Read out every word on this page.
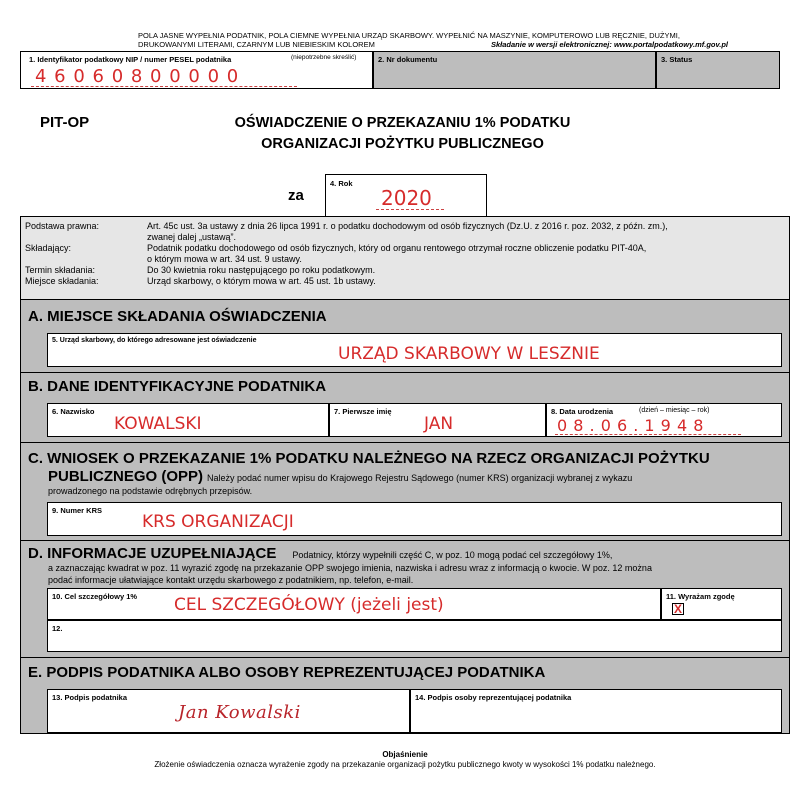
POLA JASNE WYPEŁNIA PODATNIK, POLA CIEMNE WYPEŁNIA URZĄD SKARBOWY. WYPEŁNIĆ NA MASZYNIE, KOMPUTEROWO LUB RĘCZNIE, DUŻYMI,
DRUKOWANYMI LITERAMI, CZARNYM LUB NIEBIESKIM KOLOREM	Składanie w wersji elektronicznej: www.portalpodatkowy.mf.gov.pl
1. Identyfikator podatkowy NIP / numer PESEL podatnika	(niepotrzebne skreślić)
4 6 0 6 0 8 0 0 0 0 0
2. Nr dokumentu	3. Status
PIT-OP	OŚWIADCZENIE O PRZEKAZANIU 1% PODATKU
ORGANIZACJI POŻYTKU PUBLICZNEGO
za
4. Rok
2020
Podstawa prawna:	Art. 45c ust. 3a ustawy z dnia 26 lipca 1991 r. o podatku dochodowym od osób fizycznych (Dz.U. z 2016 r. poz. 2032, z późn. zm.),
zwanej dalej „ustawą”.
Składający:	Podatnik podatku dochodowego od osób fizycznych, który od organu rentowego otrzymał roczne obliczenie podatku PIT-40A,
o którym mowa w art. 34 ust. 9 ustawy.
Termin składania:	Do 30 kwietnia roku następującego po roku podatkowym.
Miejsce składania:	Urząd skarbowy, o którym mowa w art. 45 ust. 1b ustawy.
A. MIEJSCE SKŁADANIA OŚWIADCZENIA
5. Urząd skarbowy, do którego adresowane jest oświadczenie
URZĄD SKARBOWY W LESZNIE
B. DANE IDENTYFIKACYJNE PODATNIKA
6. Nazwisko
KOWALSKI
7. Pierwsze imię
JAN
8. Data urodzenia	(dzień – miesiąc – rok)
0 8 . 0 6 . 1 9 4 8
C. WNIOSEK O PRZEKAZANIE 1% PODATKU NALEŻNEGO NA RZECZ ORGANIZACJI POŻYTKU
PUBLICZNEGO (OPP) Należy podać numer wpisu do Krajowego Rejestru Sądowego (numer KRS) organizacji wybranej z wykazu
prowadzonego na podstawie odrębnych przepisów.
9. Numer KRS
KRS ORGANIZACJI
D. INFORMACJE UZUPEŁNIAJĄCE Podatnicy, którzy wypełnili część C, w poz. 10 mogą podać cel szczegółowy 1%,
a zaznaczając kwadrat w poz. 11 wyrazić zgodę na przekazanie OPP swojego imienia, nazwiska i adresu wraz z informacją o kwocie. W poz. 12 można
podać informacje ułatwiające kontakt urzędu skarbowego z podatnikiem, np. telefon, e-mail.
10. Cel szczegółowy 1% CEL SZCZEGÓŁOWY (jeżeli jest)	11. Wyrażam zgodę
X
12.
E. PODPIS PODATNIKA ALBO OSOBY REPREZENTUJĄCEJ PODATNIKA
13. Podpis podatnika
Jan Kowalski
14. Podpis osoby reprezentującej podatnika
Objaśnienie
Złożenie oświadczenia oznacza wyrażenie zgody na przekazanie organizacji pożytku publicznego kwoty w wysokości 1% podatku należnego.
